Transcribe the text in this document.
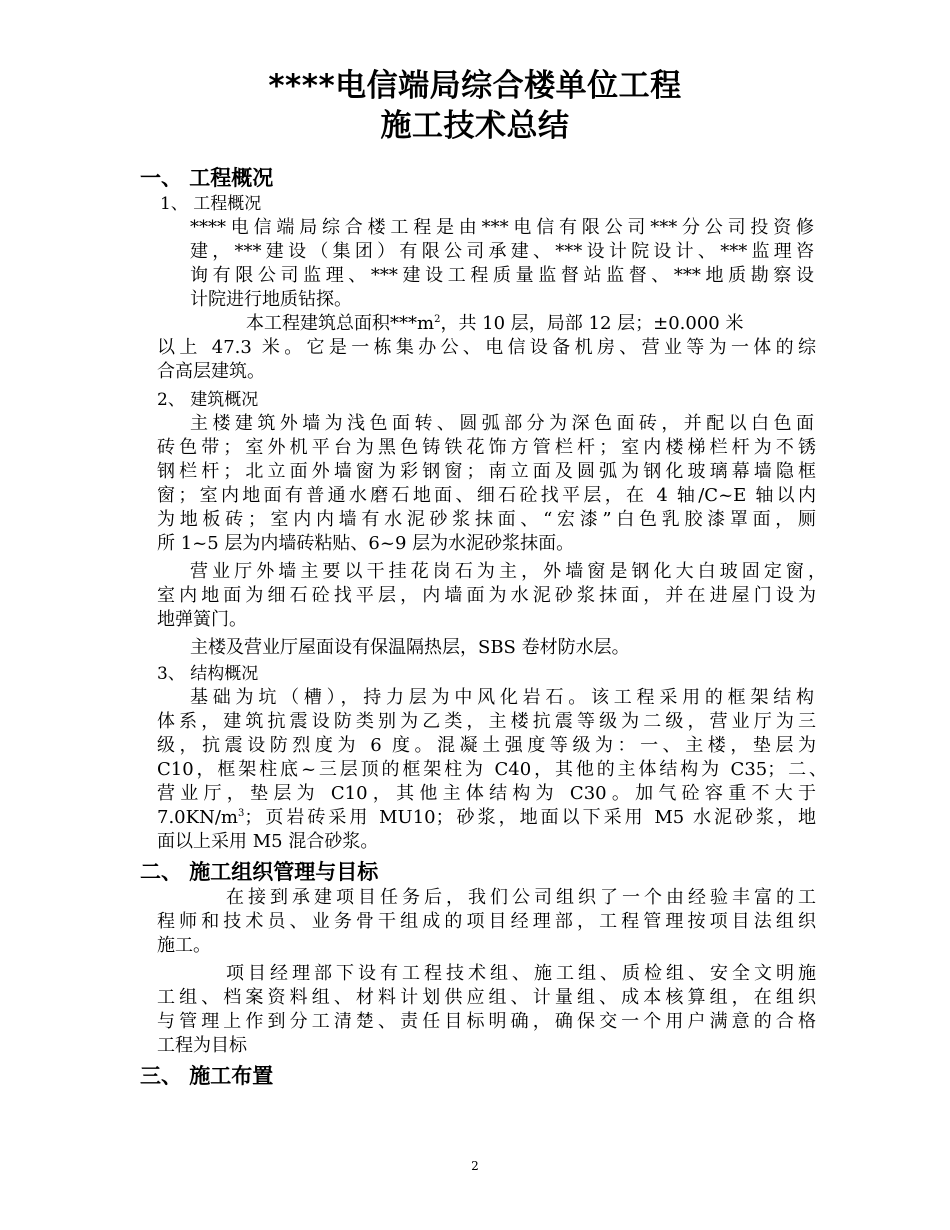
****电信端局综合楼单位工程
施工技术总结
一、 工程概况
1、 工程概况
****电信端局综合楼工程是由***电信有限公司***分公司投资修
建，***建设（集团）有限公司承建、***设计院设计、***监理咨
询有限公司监理、***建设工程质量监督站监督、***地质勘察设
计院进行地质钻探。
本工程建筑总面积$***m^2$，共 10 层，局部 12 层；±0.000 米
以上 47.3 米。它是一栋集办公、电信设备机房、营业等为一体的综
合高层建筑。
2、 建筑概况
主楼建筑外墙为浅色面转、圆弧部分为深色面砖，并配以白色面
砖色带；室外机平台为黑色铸铁花饰方管栏杆；室内楼梯栏杆为不锈
钢栏杆；北立面外墙窗为彩钢窗；南立面及圆弧为钢化玻璃幕墙隐框
窗；室内地面有普通水磨石地面、细石砼找平层，在 4 轴/C~E 轴以内
为地板砖；室内内墙有水泥砂浆抹面、“宏漆”白色乳胶漆罩面，厕
所 1~5 层为内墙砖粘贴、6~9 层为水泥砂浆抹面。
营业厅外墙主要以干挂花岗石为主，外墙窗是钢化大白玻固定窗，
室内地面为细石砼找平层，内墙面为水泥砂浆抹面，并在进屋门设为
地弹簧门。
主楼及营业厅屋面设有保温隔热层，SBS 卷材防水层。
3、 结构概况
基础为坑（槽），持力层为中风化岩石。该工程采用的框架结构
体系，建筑抗震设防类别为乙类，主楼抗震等级为二级，营业厅为三
级，抗震设防烈度为 6 度。混凝土强度等级为：一、主楼，垫层为
C10，框架柱底~三层顶的框架柱为 C40，其他的主体结构为 C35；二、
营业厅，垫层为 C10，其他主体结构为 C30。加气砼容重不大于
$7.0KN/m^3$；页岩砖采用 MU10；砂浆，地面以下采用 M5 水泥砂浆，地
面以上采用 M5 混合砂浆。
二、 施工组织管理与目标
在接到承建项目任务后，我们公司组织了一个由经验丰富的工
程师和技术员、业务骨干组成的项目经理部，工程管理按项目法组织
施工。
项目经理部下设有工程技术组、施工组、质检组、安全文明施
工组、档案资料组、材料计划供应组、计量组、成本核算组，在组织
与管理上作到分工清楚、责任目标明确，确保交一个用户满意的合格
工程为目标
三、 施工布置
2
